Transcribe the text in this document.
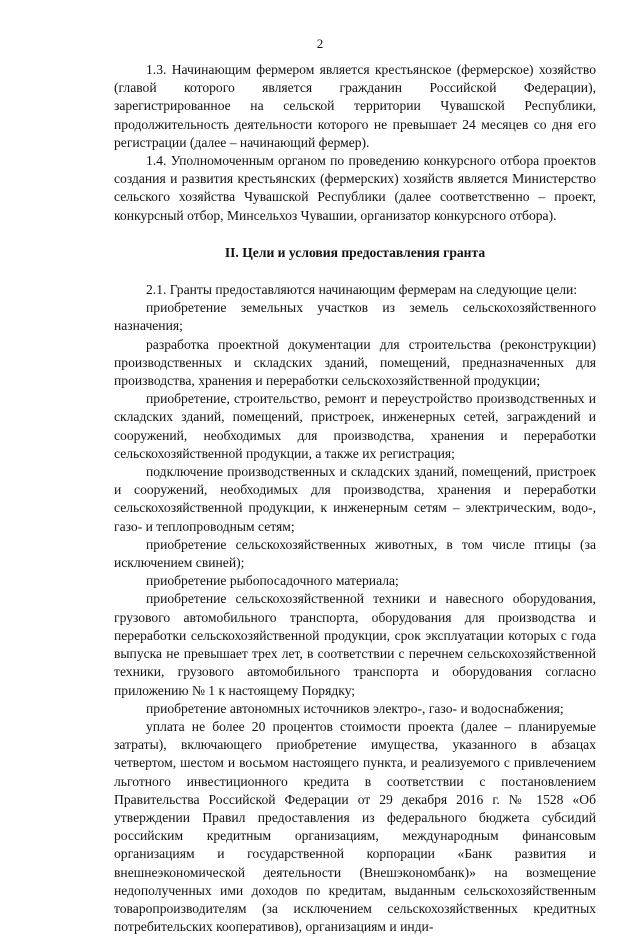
2

1.3. Начинающим фермером является крестьянское (фермерское) хозяйство (главой которого является гражданин Российской Федерации), зарегистрированное на сельской территории Чувашской Республики, продолжительность деятельности которого не превышает 24 месяцев со дня его регистрации (далее – начинающий фермер).

1.4. Уполномоченным органом по проведению конкурсного отбора проектов создания и развития крестьянских (фермерских) хозяйств является Министерство сельского хозяйства Чувашской Республики (далее соответственно – проект, конкурсный отбор, Минсельхоз Чувашии, организатор конкурсного отбора).

II. Цели и условия предоставления гранта

2.1. Гранты предоставляются начинающим фермерам на следующие цели:

приобретение земельных участков из земель сельскохозяйственного назначения;

разработка проектной документации для строительства (реконструкции) производственных и складских зданий, помещений, предназначенных для производства, хранения и переработки сельскохозяйственной продукции;

приобретение, строительство, ремонт и переустройство производственных и складских зданий, помещений, пристроек, инженерных сетей, заграждений и сооружений, необходимых для производства, хранения и переработки сельскохозяйственной продукции, а также их регистрация;

подключение производственных и складских зданий, помещений, пристроек и сооружений, необходимых для производства, хранения и переработки сельскохозяйственной продукции, к инженерным сетям – электрическим, водо-, газо- и теплопроводным сетям;

приобретение сельскохозяйственных животных, в том числе птицы (за исключением свиней);

приобретение рыбопосадочного материала;

приобретение сельскохозяйственной техники и навесного оборудования, грузового автомобильного транспорта, оборудования для производства и переработки сельскохозяйственной продукции, срок эксплуатации которых с года выпуска не превышает трех лет, в соответствии с перечнем сельскохозяйственной техники, грузового автомобильного транспорта и оборудования согласно приложению № 1 к настоящему Порядку;

приобретение автономных источников электро-, газо- и водоснабжения;

уплата не более 20 процентов стоимости проекта (далее – планируемые затраты), включающего приобретение имущества, указанного в абзацах четвертом, шестом и восьмом настоящего пункта, и реализуемого с привлечением льготного инвестиционного кредита в соответствии с постановлением Правительства Российской Федерации от 29 декабря 2016 г. № 1528 «Об утверждении Правил предоставления из федерального бюджета субсидий российским кредитным организациям, международным финансовым организациям и государственной корпорации «Банк развития и внешнеэкономической деятельности (Внешэкономбанк)» на возмещение недополученных ими доходов по кредитам, выданным сельскохозяйственным товаропроизводителям (за исключением сельскохозяйственных кредитных потребительских кооперативов), организациям и инди-
